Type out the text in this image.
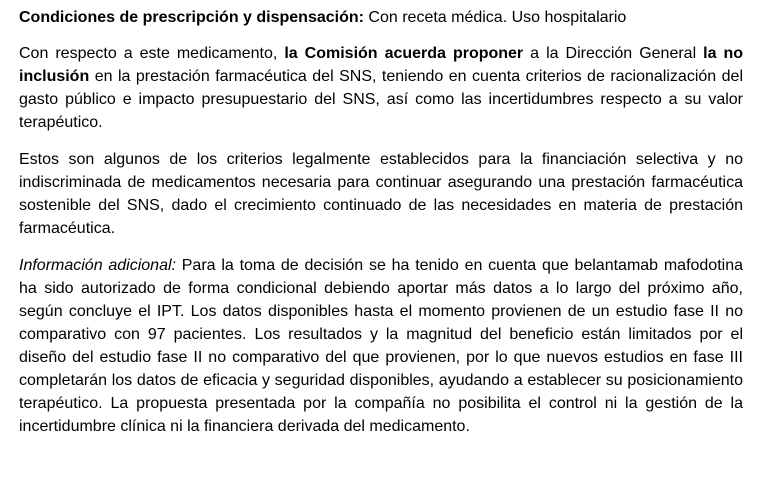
Condiciones de prescripción y dispensación: Con receta médica. Uso hospitalario

Con respecto a este medicamento, la Comisión acuerda proponer a la Dirección General la no inclusión en la prestación farmacéutica del SNS, teniendo en cuenta criterios de racionalización del gasto público e impacto presupuestario del SNS, así como las incertidumbres respecto a su valor terapéutico.

Estos son algunos de los criterios legalmente establecidos para la financiación selectiva y no indiscriminada de medicamentos necesaria para continuar asegurando una prestación farmacéutica sostenible del SNS, dado el crecimiento continuado de las necesidades en materia de prestación farmacéutica.

Información adicional: Para la toma de decisión se ha tenido en cuenta que belantamab mafodotina ha sido autorizado de forma condicional debiendo aportar más datos a lo largo del próximo año, según concluye el IPT. Los datos disponibles hasta el momento provienen de un estudio fase II no comparativo con 97 pacientes. Los resultados y la magnitud del beneficio están limitados por el diseño del estudio fase II no comparativo del que provienen, por lo que nuevos estudios en fase III completarán los datos de eficacia y seguridad disponibles, ayudando a establecer su posicionamiento terapéutico. La propuesta presentada por la compañía no posibilita el control ni la gestión de la incertidumbre clínica ni la financiera derivada del medicamento.
